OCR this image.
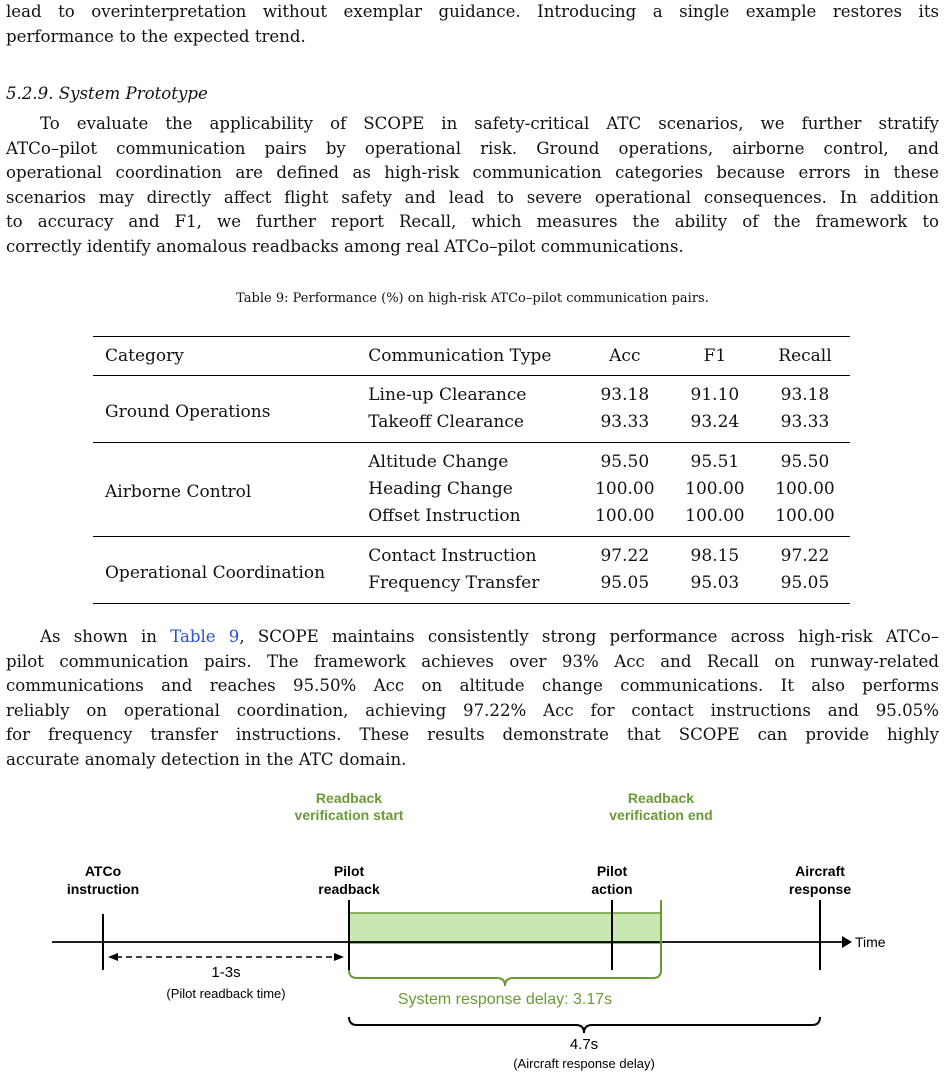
lead to overinterpretation without exemplar guidance. Introducing a single example restores its
performance to the expected trend.
5.2.9. System Prototype
To evaluate the applicability of SCOPE in safety-critical ATC scenarios, we further stratify
ATCo–pilot communication pairs by operational risk. Ground operations, airborne control, and
operational coordination are defined as high-risk communication categories because errors in these
scenarios may directly affect flight safety and lead to severe operational consequences. In addition
to accuracy and F1, we further report Recall, which measures the ability of the framework to
correctly identify anomalous readbacks among real ATCo–pilot communications.
Table 9: Performance (%) on high-risk ATCo–pilot communication pairs.
Category	Communication Type	Acc	F1	Recall
Ground Operations	Line-up Clearance	93.18	91.10	93.18
	Takeoff Clearance	93.33	93.24	93.33
Airborne Control	Altitude Change	95.50	95.51	95.50
	Heading Change	100.00	100.00	100.00
	Offset Instruction	100.00	100.00	100.00
Operational Coordination	Contact Instruction	97.22	98.15	97.22
	Frequency Transfer	95.05	95.03	95.05
As shown in Table 9, SCOPE maintains consistently strong performance across high-risk ATCo–
pilot communication pairs. The framework achieves over 93% Acc and Recall on runway-related
communications and reaches 95.50% Acc on altitude change communications. It also performs
reliably on operational coordination, achieving 97.22% Acc for contact instructions and 95.05%
for frequency transfer instructions. These results demonstrate that SCOPE can provide highly
accurate anomaly detection in the ATC domain.
Time
Readback
verification start
Readback
verification end
ATCo
instruction
Pilot
readback
Pilot
action
Aircraft
response
1-3s
(Pilot readback time)	System response delay: 3.17s
4.7s
(Aircraft response delay)
